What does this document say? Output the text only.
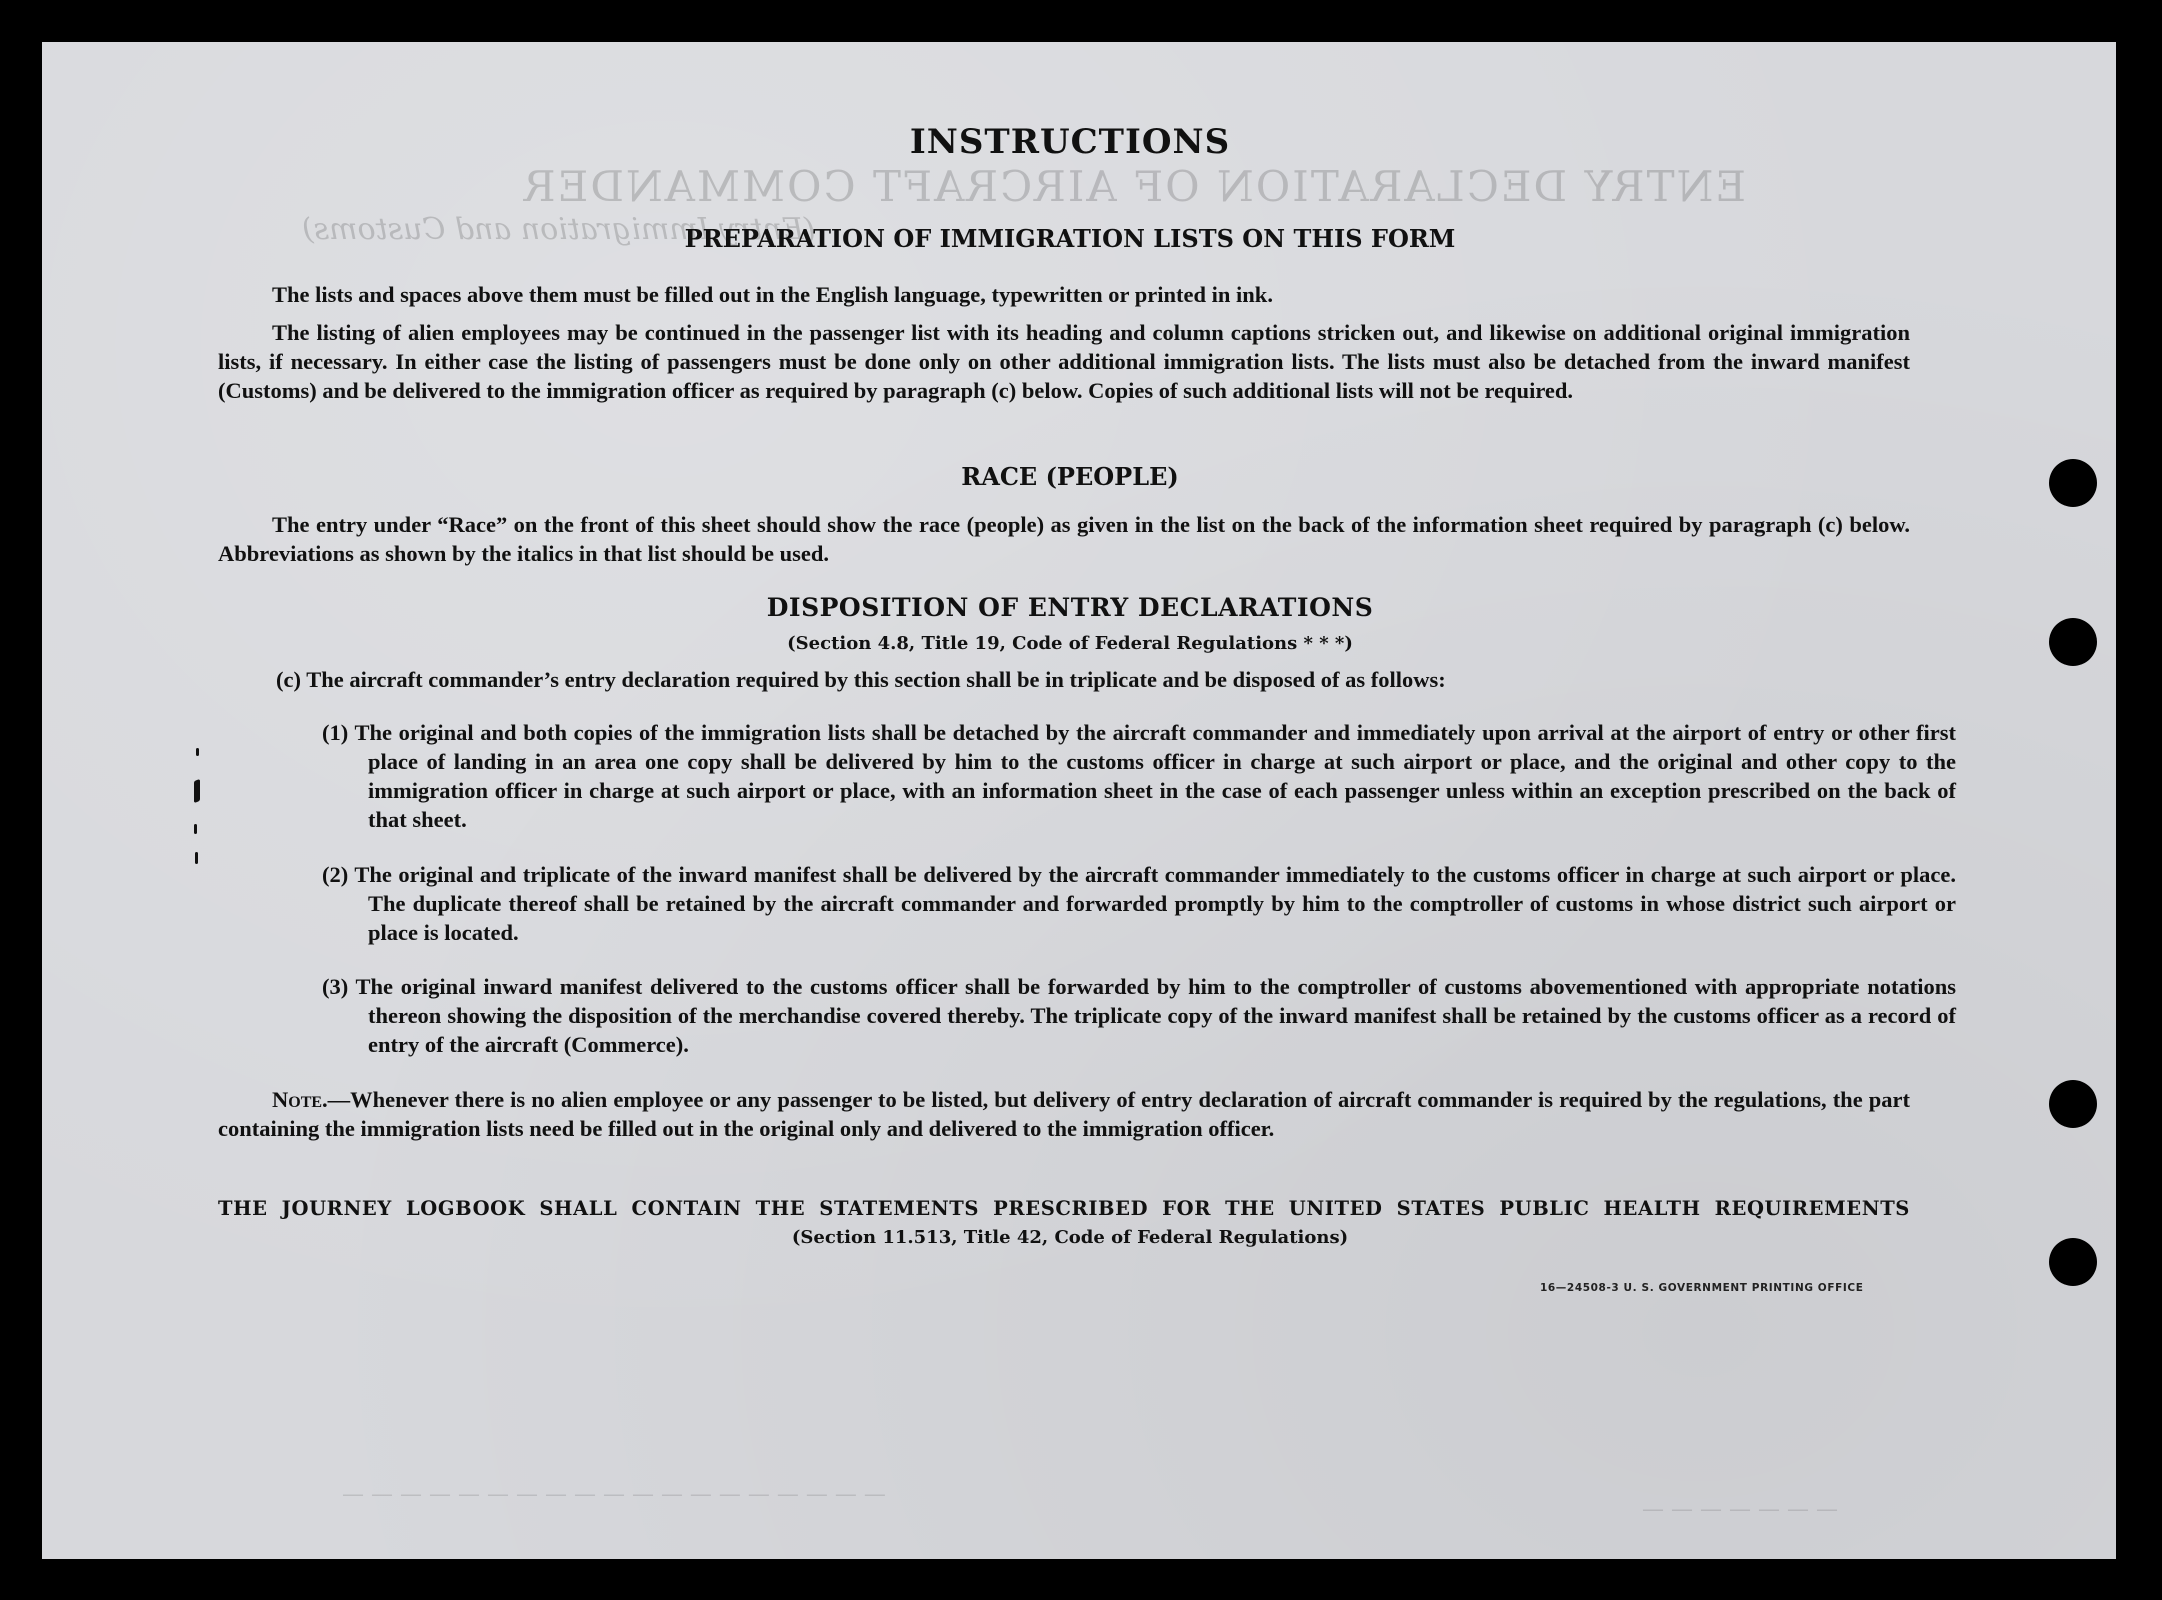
ENTRY DECLARATION OF AIRCRAFT COMMANDER
(Entry Immigration and Customs)
— — — — — — — — — — — — — — — — — — —
— — — — — — —
INSTRUCTIONS
PREPARATION OF IMMIGRATION LISTS ON THIS FORM

The lists and spaces above them must be filled out in the English language, typewritten or printed in ink.

The listing of alien employees may be continued in the passenger list with its heading and column captions stricken out, and likewise on additional original immigration lists, if necessary. In either case the listing of passengers must be done only on other additional immigration lists. The lists must also be detached from the inward manifest (Customs) and be delivered to the immigration officer as required by paragraph (c) below. Copies of such additional lists will not be required.

RACE (PEOPLE)

The entry under “Race” on the front of this sheet should show the race (people) as given in the list on the back of the information sheet required by paragraph (c) below. Abbreviations as shown by the italics in that list should be used.

DISPOSITION OF ENTRY DECLARATIONS

(Section 4.8, Title 19, Code of Federal Regulations * * *)

(c) The aircraft commander’s entry declaration required by this section shall be in triplicate and be disposed of as follows:

(1) The original and both copies of the immigration lists shall be detached by the aircraft commander and immediately upon arrival at the airport of entry or other first place of landing in an area one copy shall be delivered by him to the customs officer in charge at such airport or place, and the original and other copy to the immigration officer in charge at such airport or place, with an information sheet in the case of each passenger unless within an exception prescribed on the back of that sheet.

(2) The original and triplicate of the inward manifest shall be delivered by the aircraft commander immediately to the customs officer in charge at such airport or place. The duplicate thereof shall be retained by the aircraft commander and forwarded promptly by him to the comptroller of customs in whose district such airport or place is located.

(3) The original inward manifest delivered to the customs officer shall be forwarded by him to the comptroller of customs abovementioned with appropriate notations thereon showing the disposition of the merchandise covered thereby. The triplicate copy of the inward manifest shall be retained by the customs officer as a record of entry of the aircraft (Commerce).

Note.—Whenever there is no alien employee or any passenger to be listed, but delivery of entry declaration of aircraft commander is required by the regulations, the part containing the immigration lists need be filled out in the original only and delivered to the immigration officer.

THE JOURNEY LOGBOOK SHALL CONTAIN THE STATEMENTS PRESCRIBED FOR THE UNITED STATES PUBLIC HEALTH REQUIREMENTS

(Section 11.513, Title 42, Code of Federal Regulations)

16—24508-3 U. S. GOVERNMENT PRINTING OFFICE
